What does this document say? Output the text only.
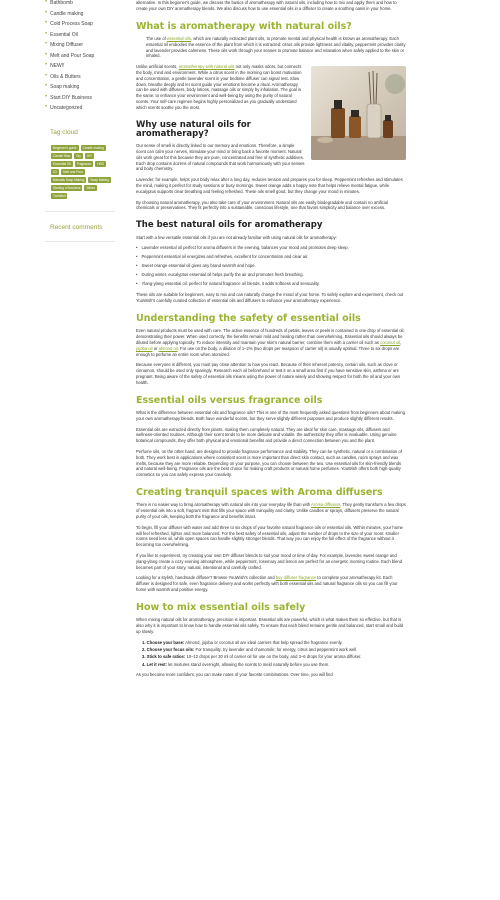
• Bathbomb
• Candle making
• Cold Process Soap
• Essential Oil
• Mixing Diffuser
• Melt and Pour Soap
• NEW!!
• Oils & Butters
• Soap making
• Start DIY Business
• Uncategorized
Tag cloud
Beginner's guide	Candle making
Candle Wax	Diy	DIY
Essential Oil	Fragrance	HSO
ICI	Melt and Pour
Naturals Soap Making	Soap Making
Starting a Business	Wicks
YouWish
Recent comments

alternative. In this beginner's guide, we discuss the basics of aromatherapy with natural oils, including how to mix and apply them and how to create your own DIY aromatherapy blends. We also discuss how to use essential oils in a diffuser to create a soothing oasis in your home.

What is aromatherapy with natural oils?

The use of essential oils, which are naturally extracted plant oils, to promote mental and physical health is known as aromatherapy. Each essential oil embodies the essence of the plant from which it is extracted: citrus oils provide lightness and vitality, peppermint provides clarity and lavender provides calmness. These oils work through your senses to promote balance and relaxation when safely applied to the skin or inhaled.

Unlike artificial scents, aromatherapy with natural oils not only masks odors, but connects the body, mind and environment. While a citrus scent in the morning can boost motivation and concentration, a gentle lavender scent in your bedtime diffuser can signal rest. Slow down, breathe deeply and let scent guide your emotions become a ritual. Aromatherapy can be used with diffusers, body lotions, massage oils or simply by inhalation. The goal is the same: to enhance your environment and well-being by using the purity of natural scents. Your self-care regimen begins highly personalized as you gradually understand which scents soothe you the most.

Why use natural oils for aromatherapy?

Our sense of smell is directly linked to our memory and emotions. Therefore, a simple scent can calm your nerves, stimulate your mind or bring back a favorite moment. Natural oils work great for this because they are pure, concentrated and free of synthetic additives. Each drop contains dozens of natural compounds that work harmoniously with your senses and body chemistry.

Lavender, for example, helps your body relax after a long day, reduces tension and prepares you for sleep. Peppermint refreshes and stimulates the mind, making it perfect for study sessions or busy mornings. Sweet orange adds a happy note that helps relieve mental fatigue, while eucalyptus supports clear breathing and feeling refreshed. These oils smell good, but they change your mood in minutes.

By choosing natural aromatherapy, you also take care of your environment. Natural oils are easily biodegradable and contain no artificial chemicals or preservatives. They fit perfectly into a sustainable, conscious lifestyle, one that favors simplicity and balance over excess.

The best natural oils for aromatherapy

Start with a few versatile essential oils if you are not already familiar with using natural oils for aromatherapy:

• Lavender essential oil perfect for aroma diffusers in the evening, balances your mood and promotes deep sleep.
• Peppermint essential oil energizes and refreshes, excellent for concentration and clear air.
• Sweet orange essential oil gives any brand warmth and hope.
• During winter, eucalyptus essential oil helps purify the air and promotes fresh breathing.
• Ylang-ylang essential oil: perfect for natural fragrance oil blends, it adds softness and sensuality.

These oils are suitable for beginners, easy to mix and can naturally change the mood of your home. To safely explore and experiment, check out YouWish's carefully curated collection of essential oils and diffusers to enhance your aromatherapy experience.

Understanding the safety of essential oils

Even natural products must be used with care. The active essence of hundreds of petals, leaves or peels is contained in one drop of essential oil, demonstrating their power. When used correctly, the benefits remain mild and healing rather than overwhelming. Essential oils should always be diluted before applying topically. To reduce intensity and maintain your skin's natural barrier, combine them with a carrier oil such as coconut oil, jojoba oil or almond oil. For use on the body, a dilution of 1–2% (two drops per teaspoon of carrier oil) is usually optimal. Three to six drops are enough to perfume an entire room when atomized.

Because everyone is different, you must pay close attention to how you react. Because of their inherent potency, certain oils, such as clove or cinnamon, should be used only sparingly. Research each oil beforehand or test it on a small area first if you have sensitive skin, asthma or are pregnant. Being aware of the safety of essential oils means using the power of nature wisely and showing respect for both the oil and your own health.

Essential oils versus fragrance oils

What is the difference between essential oils and fragrance oils? This is one of the most frequently asked questions from beginners about making your own aromatherapy blends. Both have wonderful scents, but they serve slightly different purposes and produce slightly different results.

Essential oils are extracted directly from plants, making them completely natural. They are ideal for skin care, massage oils, diffusers and wellness-oriented routines. Although their scent tends to be more delicate and volatile, the authenticity they offer is invaluable. Using genuine botanical compounds, they offer both physical and emotional benefits and provide a direct connection between you and the plant.

Perfume oils, on the other hand, are designed to provide fragrance performance and stability. They can be synthetic, natural or a combination of both. They work best in applications where consistent scent is more important than direct skin contact, such as candles, room sprays and wax melts, because they are more reliable. Depending on your purpose, you can choose between the two. Use essential oils for skin-friendly blends and natural well-being. Fragrance oils are the best choice for making craft products or natural home perfumes. YouWish offers both high-quality cosmetics so you can safely express your creativity.

Creating tranquil spaces with Aroma diffusers

There is no easier way to bring aromatherapy with natural oils into your everyday life than with Aroma diffusers. They gently transform a few drops of essential oils into a soft, fragrant mist that fills your space with tranquility and clarity. Unlike candles or sprays, diffusers preserve the natural purity of your oils, keeping both the fragrance and benefits intact.

To begin, fill your diffuser with water and add three to six drops of your favorite natural fragrance oils or essential oils. Within minutes, your home will feel refreshed, lighter and more balanced. For the best safety of essential oils, adjust the number of drops to the size of your room: smaller rooms need less oil, while open spaces can handle slightly stronger blends. That way you can enjoy the full effect of the fragrance without it becoming too overwhelming.

If you like to experiment, try creating your own DIY diffuser blends to suit your mood or time of day. For example, lavender, sweet orange and ylang-ylang create a cozy evening atmosphere, while peppermint, rosemary and lemon are perfect for an energetic morning routine. Each blend becomes part of your story, natural, intentional and carefully crafted.

Looking for a stylish, handmade diffuser? Browse YouWish's collection and buy diffuser fragrance to complete your aromatherapy kit. Each diffuser is designed for safe, even fragrance delivery and works perfectly with both essential oils and natural fragrance oils so you can fill your home with warmth and positive energy.

How to mix essential oils safely

When mixing natural oils for aromatherapy, precision is important. Essential oils are powerful, which is what makes them so effective, but that is also why it is important to know how to handle essential oils safely. To ensure that each blend remains gentle and balanced, start small and build up slowly.

1. Choose your base: Almond, jojoba or coconut oil are ideal carriers that help spread the fragrance evenly.
2. Choose your focus oils: For tranquility, try lavender and chamomile; for energy, citrus and peppermint work well.
3. Stick to safe ratios: 10–12 drops per 30 ml of carrier oil for use on the body, and 3–6 drops for your aroma diffuser.
4. Let it rest: let mixtures stand overnight, allowing the scents to meld naturally before you use them.

As you become more confident, you can make notes of your favorite combinations. Over time, you will find
